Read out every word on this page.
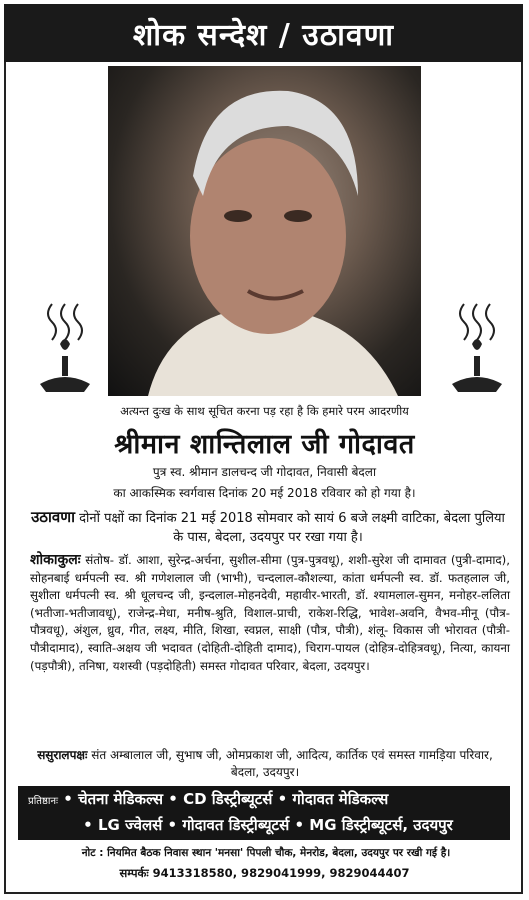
शोक सन्देश / उठावणा
अत्यन्त दुःख के साथ सूचित करना पड़ रहा है कि हमारे परम आदरणीय
श्रीमान शान्तिलाल जी गोदावत
पुत्र स्व. श्रीमान डालचन्द जी गोदावत, निवासी बेदला
का आकस्मिक स्वर्गवास दिनांक 20 मई 2018 रविवार को हो गया है।
उठावणा दोनों पक्षों का दिनांक 21 मई 2018 सोमवार को सायं 6 बजे लक्ष्मी वाटिका, बेदला पुलिया के पास, बेदला, उदयपुर पर रखा गया है।
शोकाकुलः संतोष- डॉ. आशा, सुरेन्द्र-अर्चना, सुशील-सीमा (पुत्र-पुत्रवधू), शशी-सुरेश जी दामावत (पुत्री-दामाद), सोहनबाई धर्मपत्नी स्व. श्री गणेशलाल जी (भाभी), चन्दलाल-कौशल्या, कांता धर्मपत्नी स्व. डॉ. फतहलाल जी, सुशीला धर्मपत्नी स्व. श्री धूलचन्द जी, इन्दलाल-मोहनदेवी, महावीर-भारती, डॉ. श्यामलाल-सुमन, मनोहर-ललिता (भतीजा-भतीजावधू), राजेन्द्र-मेधा, मनीष-श्रुति, विशाल-प्राची, राकेश-रिद्धि, भावेश-अवनि, वैभव-मीनू (पौत्र-पौत्रवधू), अंशुल, ध्रुव, गीत, लक्ष्य, मीति, शिखा, स्वप्नल, साक्षी (पौत्र, पौत्री), शंलू- विकास जी भोरावत (पौत्री-पौत्रीदामाद), स्वाति-अक्षय जी भदावत (दोहिती-दोहिती दामाद), चिराग-पायल (दोहित्र-दोहित्रवधू), नित्या, कायना (पड़पौत्री), तनिषा, यशस्वी (पड़दोहिती) समस्त गोदावत परिवार, बेदला, उदयपुर।
ससुरालपक्षः संत अम्बालाल जी, सुभाष जी, ओमप्रकाश जी, आदित्य, कार्तिक एवं समस्त गामड़िया परिवार, बेदला, उदयपुर।
प्रतिष्ठानः • चेतना मेडिकल्स • CD डिस्ट्रीब्यूटर्स • गोदावत मेडिकल्स
• LG ज्वेलर्स • गोदावत डिस्ट्रीब्यूटर्स • MG डिस्ट्रीब्यूटर्स, उदयपुर
नोट : नियमित बैठक निवास स्थान 'मनसा' पिपली चौक, मेनरोड, बेदला, उदयपुर पर रखी गई है।
सम्पर्कः 9413318580, 9829041999, 9829044407
